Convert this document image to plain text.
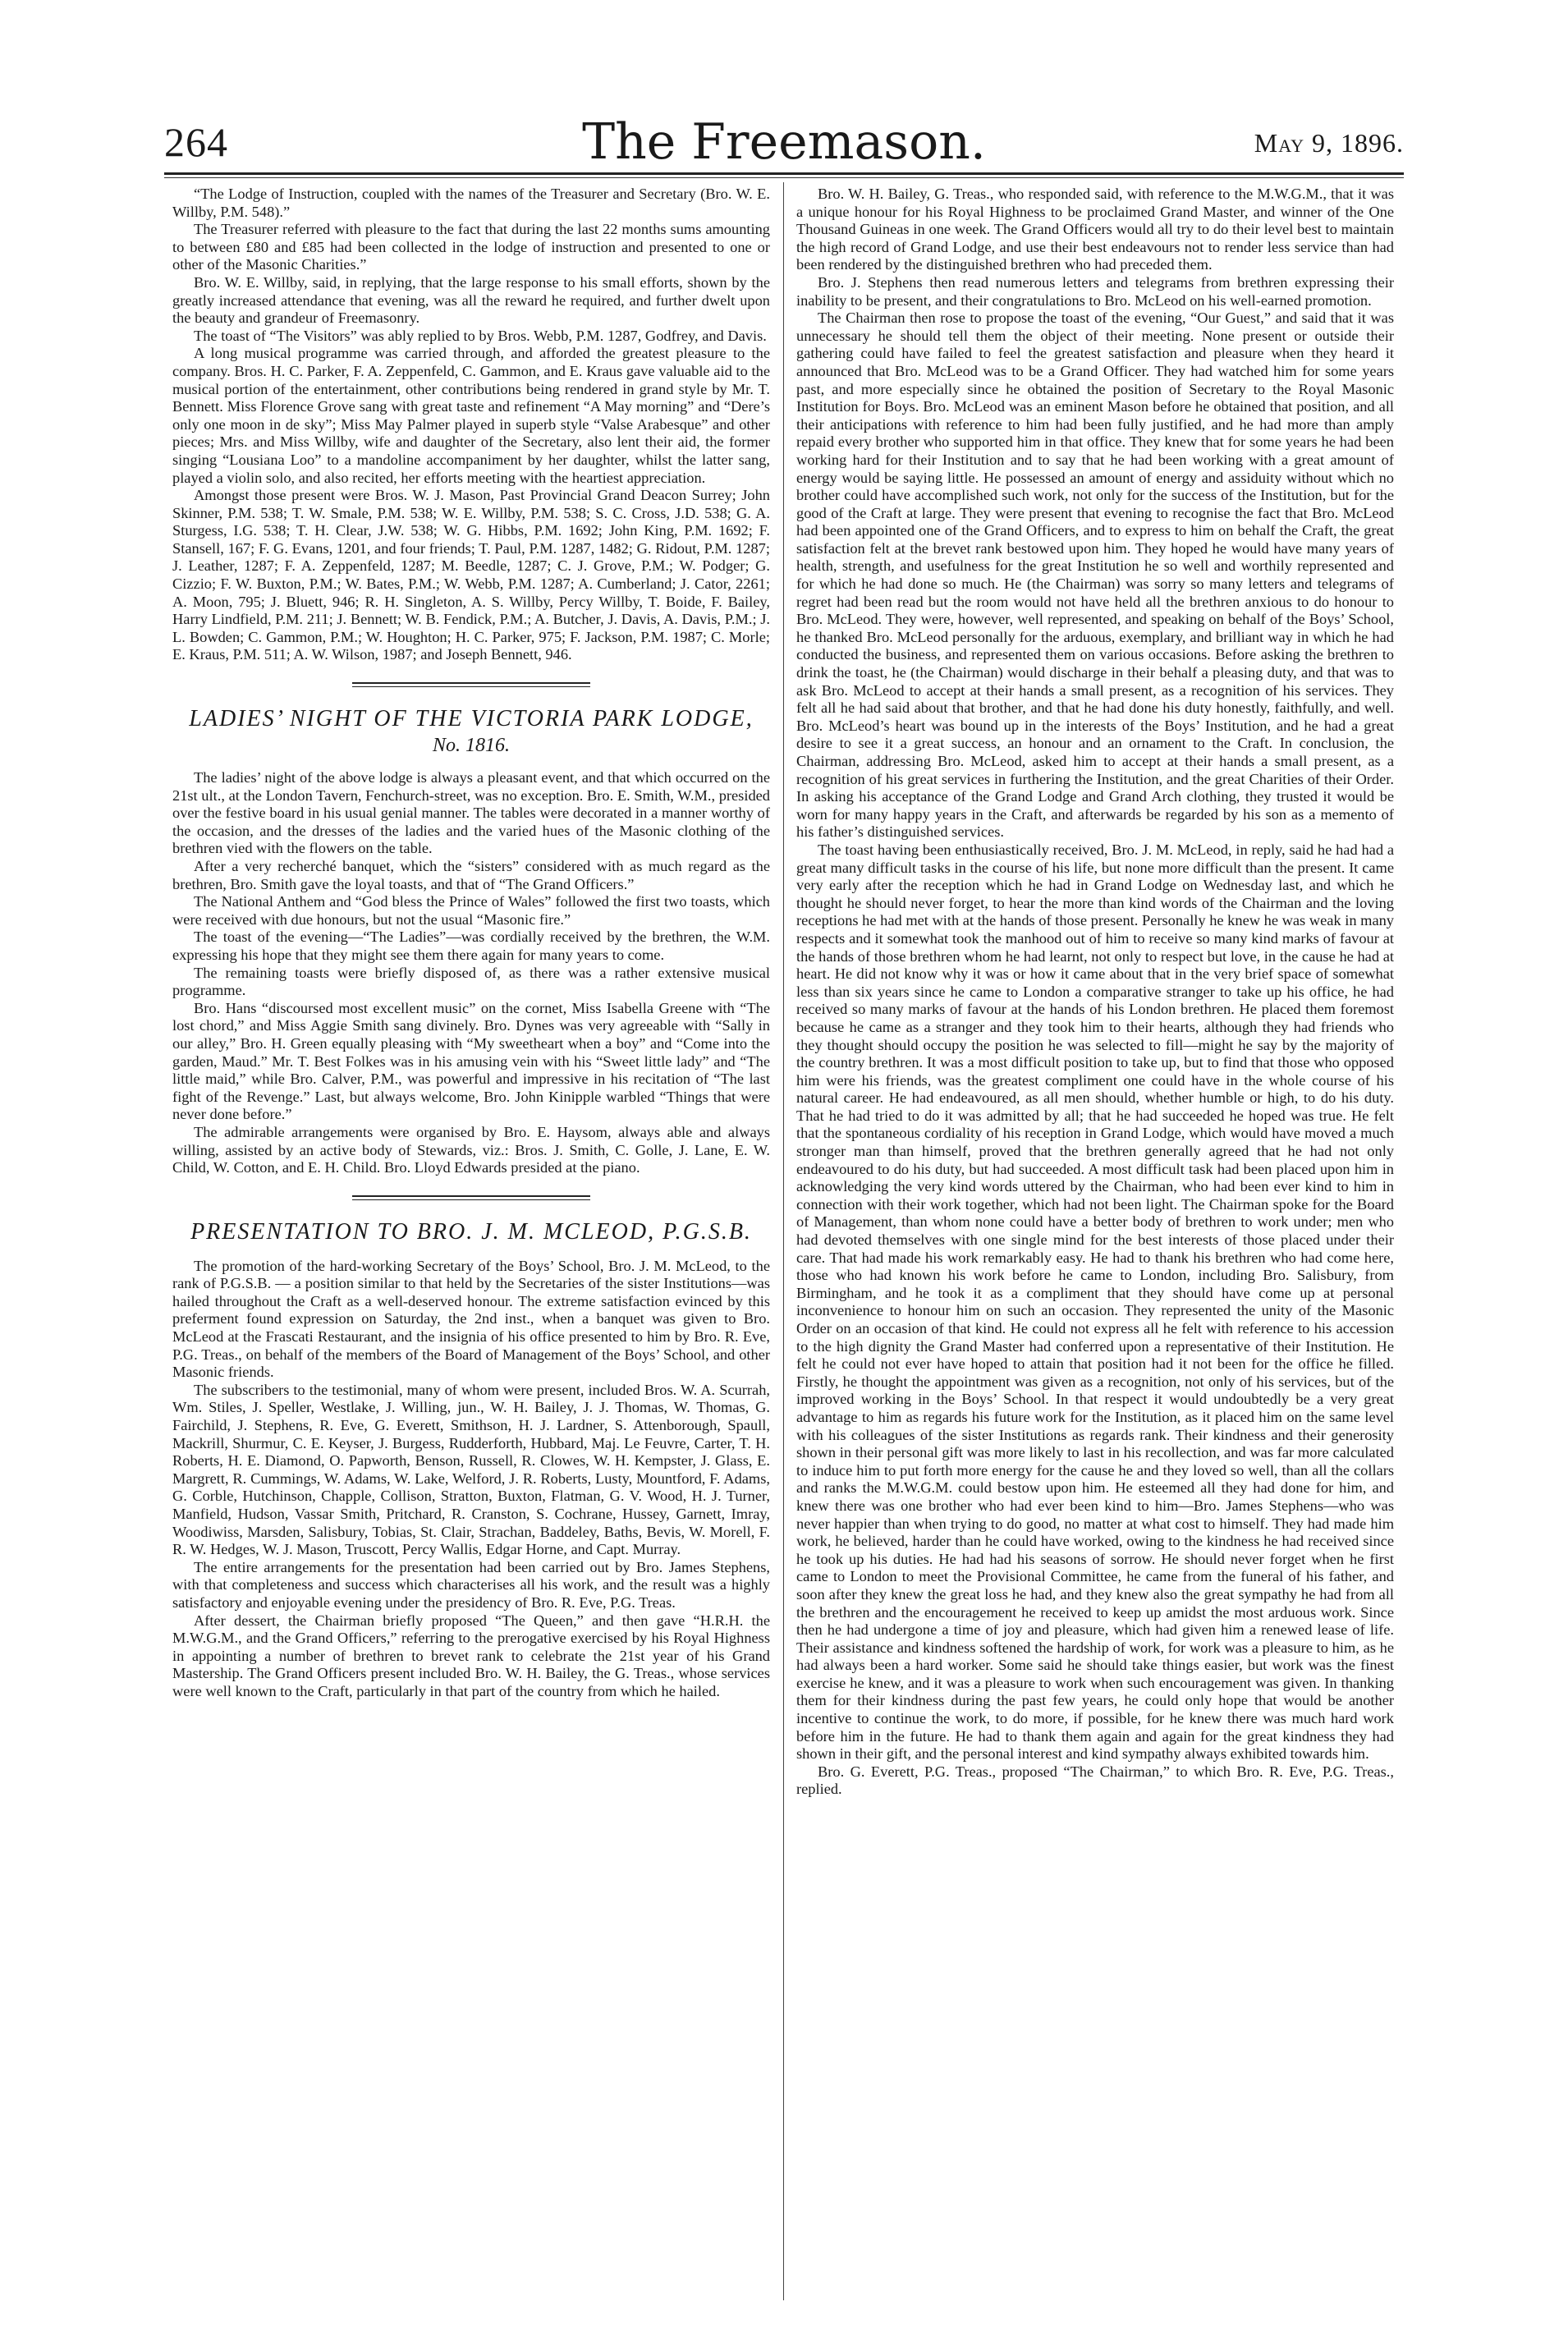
264	The Freemason.	May 9, 1896.

“The Lodge of Instruction, coupled with the names of the Treasurer and Secretary (Bro. W. E. Willby, P.M. 548).”

The Treasurer referred with pleasure to the fact that during the last 22 months sums amounting to between £80 and £85 had been collected in the lodge of instruction and presented to one or other of the Masonic Charities.”

Bro. W. E. Willby, said, in replying, that the large response to his small efforts, shown by the greatly increased attendance that evening, was all the reward he required, and further dwelt upon the beauty and grandeur of Freemasonry.

The toast of “The Visitors” was ably replied to by Bros. Webb, P.M. 1287, Godfrey, and Davis.

A long musical programme was carried through, and afforded the greatest pleasure to the company. Bros. H. C. Parker, F. A. Zeppenfeld, C. Gammon, and E. Kraus gave valuable aid to the musical portion of the entertainment, other contributions being rendered in grand style by Mr. T. Bennett. Miss Florence Grove sang with great taste and refinement “A May morning” and “Dere’s only one moon in de sky”; Miss May Palmer played in superb style “Valse Arabesque” and other pieces; Mrs. and Miss Willby, wife and daughter of the Secretary, also lent their aid, the former singing “Lousiana Loo” to a mandoline accompaniment by her daughter, whilst the latter sang, played a violin solo, and also recited, her efforts meeting with the heartiest appreciation.

Amongst those present were Bros. W. J. Mason, Past Provincial Grand Deacon Surrey; John Skinner, P.M. 538; T. W. Smale, P.M. 538; W. E. Willby, P.M. 538; S. C. Cross, J.D. 538; G. A. Sturgess, I.G. 538; T. H. Clear, J.W. 538; W. G. Hibbs, P.M. 1692; John King, P.M. 1692; F. Stansell, 167; F. G. Evans, 1201, and four friends; T. Paul, P.M. 1287, 1482; G. Ridout, P.M. 1287; J. Leather, 1287; F. A. Zeppenfeld, 1287; M. Beedle, 1287; C. J. Grove, P.M.; W. Podger; G. Cizzio; F. W. Buxton, P.M.; W. Bates, P.M.; W. Webb, P.M. 1287; A. Cumberland; J. Cator, 2261; A. Moon, 795; J. Bluett, 946; R. H. Singleton, A. S. Willby, Percy Willby, T. Boide, F. Bailey, Harry Lindfield, P.M. 211; J. Bennett; W. B. Fendick, P.M.; A. Butcher, J. Davis, A. Davis, P.M.; J. L. Bowden; C. Gammon, P.M.; W. Houghton; H. C. Parker, 975; F. Jackson, P.M. 1987; C. Morle; E. Kraus, P.M. 511; A. W. Wilson, 1987; and Joseph Bennett, 946.

LADIES’ NIGHT OF THE VICTORIA PARK LODGE,
No. 1816.

The ladies’ night of the above lodge is always a pleasant event, and that which occurred on the 21st ult., at the London Tavern, Fenchurch-street, was no exception. Bro. E. Smith, W.M., presided over the festive board in his usual genial manner. The tables were decorated in a manner worthy of the occasion, and the dresses of the ladies and the varied hues of the Masonic clothing of the brethren vied with the flowers on the table.

After a very recherché banquet, which the “sisters” considered with as much regard as the brethren, Bro. Smith gave the loyal toasts, and that of “The Grand Officers.”

The National Anthem and “God bless the Prince of Wales” followed the first two toasts, which were received with due honours, but not the usual “Masonic fire.”

The toast of the evening—“The Ladies”—was cordially received by the brethren, the W.M. expressing his hope that they might see them there again for many years to come.

The remaining toasts were briefly disposed of, as there was a rather extensive musical programme.

Bro. Hans “discoursed most excellent music” on the cornet, Miss Isabella Greene with “The lost chord,” and Miss Aggie Smith sang divinely. Bro. Dynes was very agreeable with “Sally in our alley,” Bro. H. Green equally pleasing with “My sweetheart when a boy” and “Come into the garden, Maud.” Mr. T. Best Folkes was in his amusing vein with his “Sweet little lady” and “The little maid,” while Bro. Calver, P.M., was powerful and impressive in his recitation of “The last fight of the Revenge.” Last, but always welcome, Bro. John Kinipple warbled “Things that were never done before.”

The admirable arrangements were organised by Bro. E. Haysom, always able and always willing, assisted by an active body of Stewards, viz.: Bros. J. Smith, C. Golle, J. Lane, E. W. Child, W. Cotton, and E. H. Child. Bro. Lloyd Edwards presided at the piano.

PRESENTATION TO BRO. J. M. MCLEOD, P.G.S.B.

The promotion of the hard-working Secretary of the Boys’ School, Bro. J. M. McLeod, to the rank of P.G.S.B. — a position similar to that held by the Secretaries of the sister Institutions—was hailed throughout the Craft as a well-deserved honour. The extreme satisfaction evinced by this preferment found expression on Saturday, the 2nd inst., when a banquet was given to Bro. McLeod at the Frascati Restaurant, and the insignia of his office presented to him by Bro. R. Eve, P.G. Treas., on behalf of the members of the Board of Management of the Boys’ School, and other Masonic friends.

The subscribers to the testimonial, many of whom were present, included Bros. W. A. Scurrah, Wm. Stiles, J. Speller, Westlake, J. Willing, jun., W. H. Bailey, J. J. Thomas, W. Thomas, G. Fairchild, J. Stephens, R. Eve, G. Everett, Smithson, H. J. Lardner, S. Attenborough, Spaull, Mackrill, Shurmur, C. E. Keyser, J. Burgess, Rudderforth, Hubbard, Maj. Le Feuvre, Carter, T. H. Roberts, H. E. Diamond, O. Papworth, Benson, Russell, R. Clowes, W. H. Kempster, J. Glass, E. Margrett, R. Cummings, W. Adams, W. Lake, Welford, J. R. Roberts, Lusty, Mountford, F. Adams, G. Corble, Hutchinson, Chapple, Collison, Stratton, Buxton, Flatman, G. V. Wood, H. J. Turner, Manfield, Hudson, Vassar Smith, Pritchard, R. Cranston, S. Cochrane, Hussey, Garnett, Imray, Woodiwiss, Marsden, Salisbury, Tobias, St. Clair, Strachan, Baddeley, Baths, Bevis, W. Morell, F. R. W. Hedges, W. J. Mason, Truscott, Percy Wallis, Edgar Horne, and Capt. Murray.

The entire arrangements for the presentation had been carried out by Bro. James Stephens, with that completeness and success which characterises all his work, and the result was a highly satisfactory and enjoyable evening under the presidency of Bro. R. Eve, P.G. Treas.

After dessert, the Chairman briefly proposed “The Queen,” and then gave “H.R.H. the M.W.G.M., and the Grand Officers,” referring to the prerogative exercised by his Royal Highness in appointing a number of brethren to brevet rank to celebrate the 21st year of his Grand Mastership. The Grand Officers present included Bro. W. H. Bailey, the G. Treas., whose services were well known to the Craft, particularly in that part of the country from which he hailed.

Bro. W. H. Bailey, G. Treas., who responded said, with reference to the M.W.G.M., that it was a unique honour for his Royal Highness to be proclaimed Grand Master, and winner of the One Thousand Guineas in one week. The Grand Officers would all try to do their level best to maintain the high record of Grand Lodge, and use their best endeavours not to render less service than had been rendered by the distinguished brethren who had preceded them.

Bro. J. Stephens then read numerous letters and telegrams from brethren expressing their inability to be present, and their congratulations to Bro. McLeod on his well-earned promotion.

The Chairman then rose to propose the toast of the evening, “Our Guest,” and said that it was unnecessary he should tell them the object of their meeting. None present or outside their gathering could have failed to feel the greatest satisfaction and pleasure when they heard it announced that Bro. McLeod was to be a Grand Officer. They had watched him for some years past, and more especially since he obtained the position of Secretary to the Royal Masonic Institution for Boys. Bro. McLeod was an eminent Mason before he obtained that position, and all their anticipations with reference to him had been fully justified, and he had more than amply repaid every brother who supported him in that office. They knew that for some years he had been working hard for their Institution and to say that he had been working with a great amount of energy would be saying little. He possessed an amount of energy and assiduity without which no brother could have accomplished such work, not only for the success of the Institution, but for the good of the Craft at large. They were present that evening to recognise the fact that Bro. McLeod had been appointed one of the Grand Officers, and to express to him on behalf the Craft, the great satisfaction felt at the brevet rank bestowed upon him. They hoped he would have many years of health, strength, and usefulness for the great Institution he so well and worthily represented and for which he had done so much. He (the Chairman) was sorry so many letters and telegrams of regret had been read but the room would not have held all the brethren anxious to do honour to Bro. McLeod. They were, however, well represented, and speaking on behalf of the Boys’ School, he thanked Bro. McLeod personally for the arduous, exemplary, and brilliant way in which he had conducted the business, and represented them on various occasions. Before asking the brethren to drink the toast, he (the Chairman) would discharge in their behalf a pleasing duty, and that was to ask Bro. McLeod to accept at their hands a small present, as a recognition of his services. They felt all he had said about that brother, and that he had done his duty honestly, faithfully, and well. Bro. McLeod’s heart was bound up in the interests of the Boys’ Institution, and he had a great desire to see it a great success, an honour and an ornament to the Craft. In conclusion, the Chairman, addressing Bro. McLeod, asked him to accept at their hands a small present, as a recognition of his great services in furthering the Institution, and the great Charities of their Order. In asking his acceptance of the Grand Lodge and Grand Arch clothing, they trusted it would be worn for many happy years in the Craft, and afterwards be regarded by his son as a memento of his father’s distinguished services.

The toast having been enthusiastically received, Bro. J. M. McLeod, in reply, said he had had a great many difficult tasks in the course of his life, but none more difficult than the present. It came very early after the reception which he had in Grand Lodge on Wednesday last, and which he thought he should never forget, to hear the more than kind words of the Chairman and the loving receptions he had met with at the hands of those present. Personally he knew he was weak in many respects and it somewhat took the manhood out of him to receive so many kind marks of favour at the hands of those brethren whom he had learnt, not only to respect but love, in the cause he had at heart. He did not know why it was or how it came about that in the very brief space of somewhat less than six years since he came to London a comparative stranger to take up his office, he had received so many marks of favour at the hands of his London brethren. He placed them foremost because he came as a stranger and they took him to their hearts, although they had friends who they thought should occupy the position he was selected to fill—might he say by the majority of the country brethren. It was a most difficult position to take up, but to find that those who opposed him were his friends, was the greatest compliment one could have in the whole course of his natural career. He had endeavoured, as all men should, whether humble or high, to do his duty. That he had tried to do it was admitted by all; that he had succeeded he hoped was true. He felt that the spontaneous cordiality of his reception in Grand Lodge, which would have moved a much stronger man than himself, proved that the brethren generally agreed that he had not only endeavoured to do his duty, but had succeeded. A most difficult task had been placed upon him in acknowledging the very kind words uttered by the Chairman, who had been ever kind to him in connection with their work together, which had not been light. The Chairman spoke for the Board of Management, than whom none could have a better body of brethren to work under; men who had devoted themselves with one single mind for the best interests of those placed under their care. That had made his work remarkably easy. He had to thank his brethren who had come here, those who had known his work before he came to London, including Bro. Salisbury, from Birmingham, and he took it as a compliment that they should have come up at personal inconvenience to honour him on such an occasion. They represented the unity of the Masonic Order on an occasion of that kind. He could not express all he felt with reference to his accession to the high dignity the Grand Master had conferred upon a representative of their Institution. He felt he could not ever have hoped to attain that position had it not been for the office he filled. Firstly, he thought the appointment was given as a recognition, not only of his services, but of the improved working in the Boys’ School. In that respect it would undoubtedly be a very great advantage to him as regards his future work for the Institution, as it placed him on the same level with his colleagues of the sister Institutions as regards rank. Their kindness and their generosity shown in their personal gift was more likely to last in his recollection, and was far more calculated to induce him to put forth more energy for the cause he and they loved so well, than all the collars and ranks the M.W.G.M. could bestow upon him. He esteemed all they had done for him, and knew there was one brother who had ever been kind to him—Bro. James Stephens—who was never happier than when trying to do good, no matter at what cost to himself. They had made him work, he believed, harder than he could have worked, owing to the kindness he had received since he took up his duties. He had had his seasons of sorrow. He should never forget when he first came to London to meet the Provisional Committee, he came from the funeral of his father, and soon after they knew the great loss he had, and they knew also the great sympathy he had from all the brethren and the encouragement he received to keep up amidst the most arduous work. Since then he had undergone a time of joy and pleasure, which had given him a renewed lease of life. Their assistance and kindness softened the hardship of work, for work was a pleasure to him, as he had always been a hard worker. Some said he should take things easier, but work was the finest exercise he knew, and it was a pleasure to work when such encouragement was given. In thanking them for their kindness during the past few years, he could only hope that would be another incentive to continue the work, to do more, if possible, for he knew there was much hard work before him in the future. He had to thank them again and again for the great kindness they had shown in their gift, and the personal interest and kind sympathy always exhibited towards him.

Bro. G. Everett, P.G. Treas., proposed “The Chairman,” to which Bro. R. Eve, P.G. Treas., replied.
